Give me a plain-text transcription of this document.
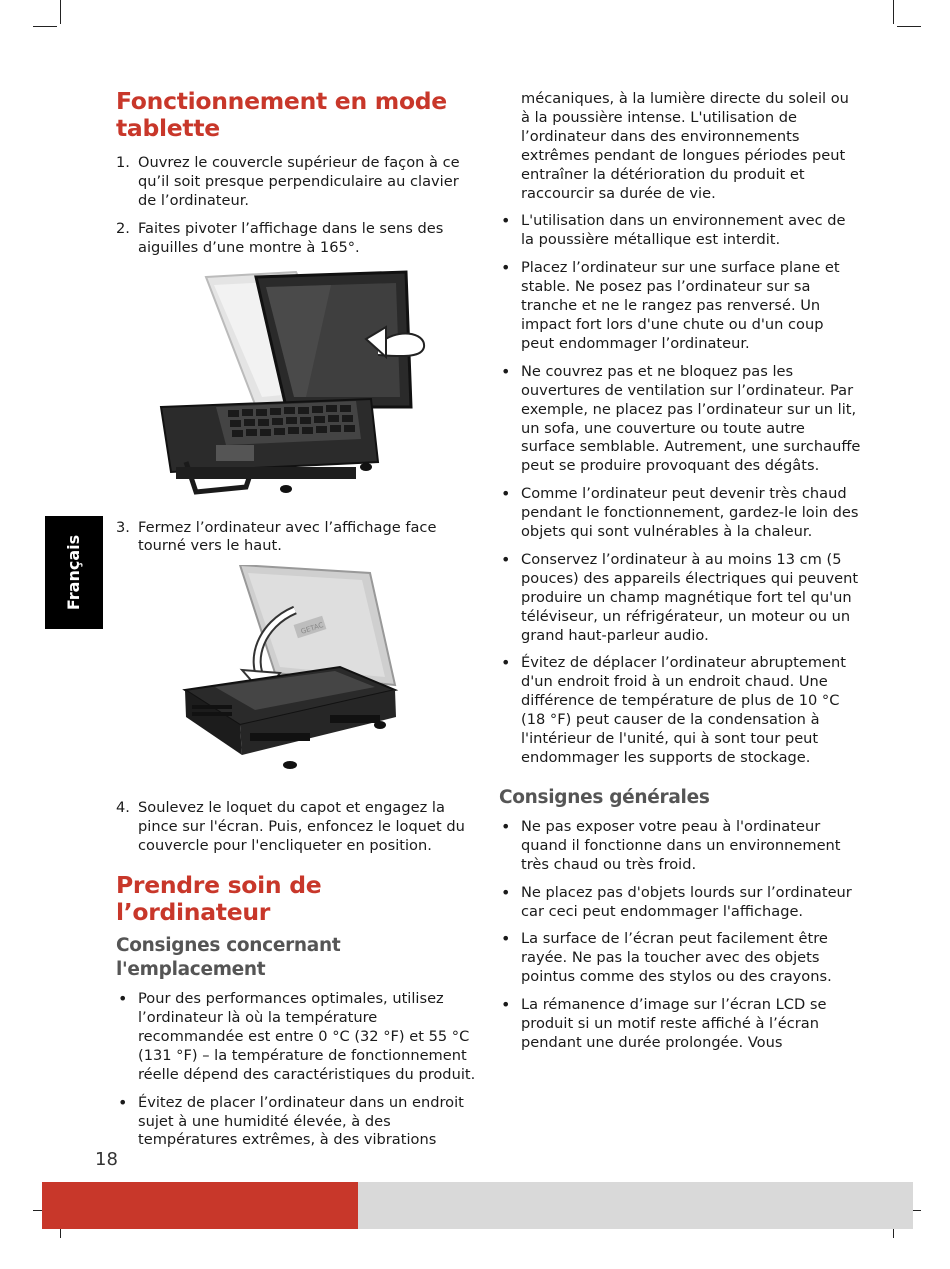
Fonctionnement en mode tablette
1. Ouvrez le couvercle supérieur de façon à ce qu’il soit presque perpendiculaire au clavier de l’ordinateur.
2. Faites pivoter l’affichage dans le sens des aiguilles d’une montre à 165°.
3. Fermez l’ordinateur avec l’affichage face tourné vers le haut.
GETAC
4. Soulevez le loquet du capot et engagez la pince sur l'écran. Puis, enfoncez le loquet du couvercle pour l'encliqueter en position.
Prendre soin de l’ordinateur
Consignes concernant l'emplacement
• Pour des performances optimales, utilisez l’ordinateur là où la température recommandée est entre 0 °C (32 °F) et 55 °C (131 °F) – la température de fonctionnement réelle dépend des caractéristiques du produit.
• Évitez de placer l’ordinateur dans un endroit sujet à une humidité élevée, à des températures extrêmes, à des vibrations

mécaniques, à la lumière directe du soleil ou à la poussière intense. L'utilisation de l’ordinateur dans des environnements extrêmes pendant de longues périodes peut entraîner la détérioration du produit et raccourcir sa durée de vie.

• L'utilisation dans un environnement avec de la poussière métallique est interdit.
• Placez l’ordinateur sur une surface plane et stable. Ne posez pas l’ordinateur sur sa tranche et ne le rangez pas renversé. Un impact fort lors d'une chute ou d'un coup peut endommager l’ordinateur.
• Ne couvrez pas et ne bloquez pas les ouvertures de ventilation sur l’ordinateur. Par exemple, ne placez pas l’ordinateur sur un lit, un sofa, une couverture ou toute autre surface semblable. Autrement, une surchauffe peut se produire provoquant des dégâts.
• Comme l’ordinateur peut devenir très chaud pendant le fonctionnement, gardez-le loin des objets qui sont vulnérables à la chaleur.
• Conservez l’ordinateur à au moins 13 cm (5 pouces) des appareils électriques qui peuvent produire un champ magnétique fort tel qu'un téléviseur, un réfrigérateur, un moteur ou un grand haut-parleur audio.
• Évitez de déplacer l’ordinateur abruptement d'un endroit froid à un endroit chaud. Une différence de température de plus de 10 °C (18 °F) peut causer de la condensation à l'intérieur de l'unité, qui à sont tour peut endommager les supports de stockage.
Consignes générales
• Ne pas exposer votre peau à l'ordinateur quand il fonctionne dans un environnement très chaud ou très froid.
• Ne placez pas d'objets lourds sur l’ordinateur car ceci peut endommager l'affichage.
• La surface de l’écran peut facilement être rayée. Ne pas la toucher avec des objets pointus comme des stylos ou des crayons.
• La rémanence d’image sur l’écran LCD se produit si un motif reste affiché à l’écran pendant une durée prolongée. Vous
Français
18
